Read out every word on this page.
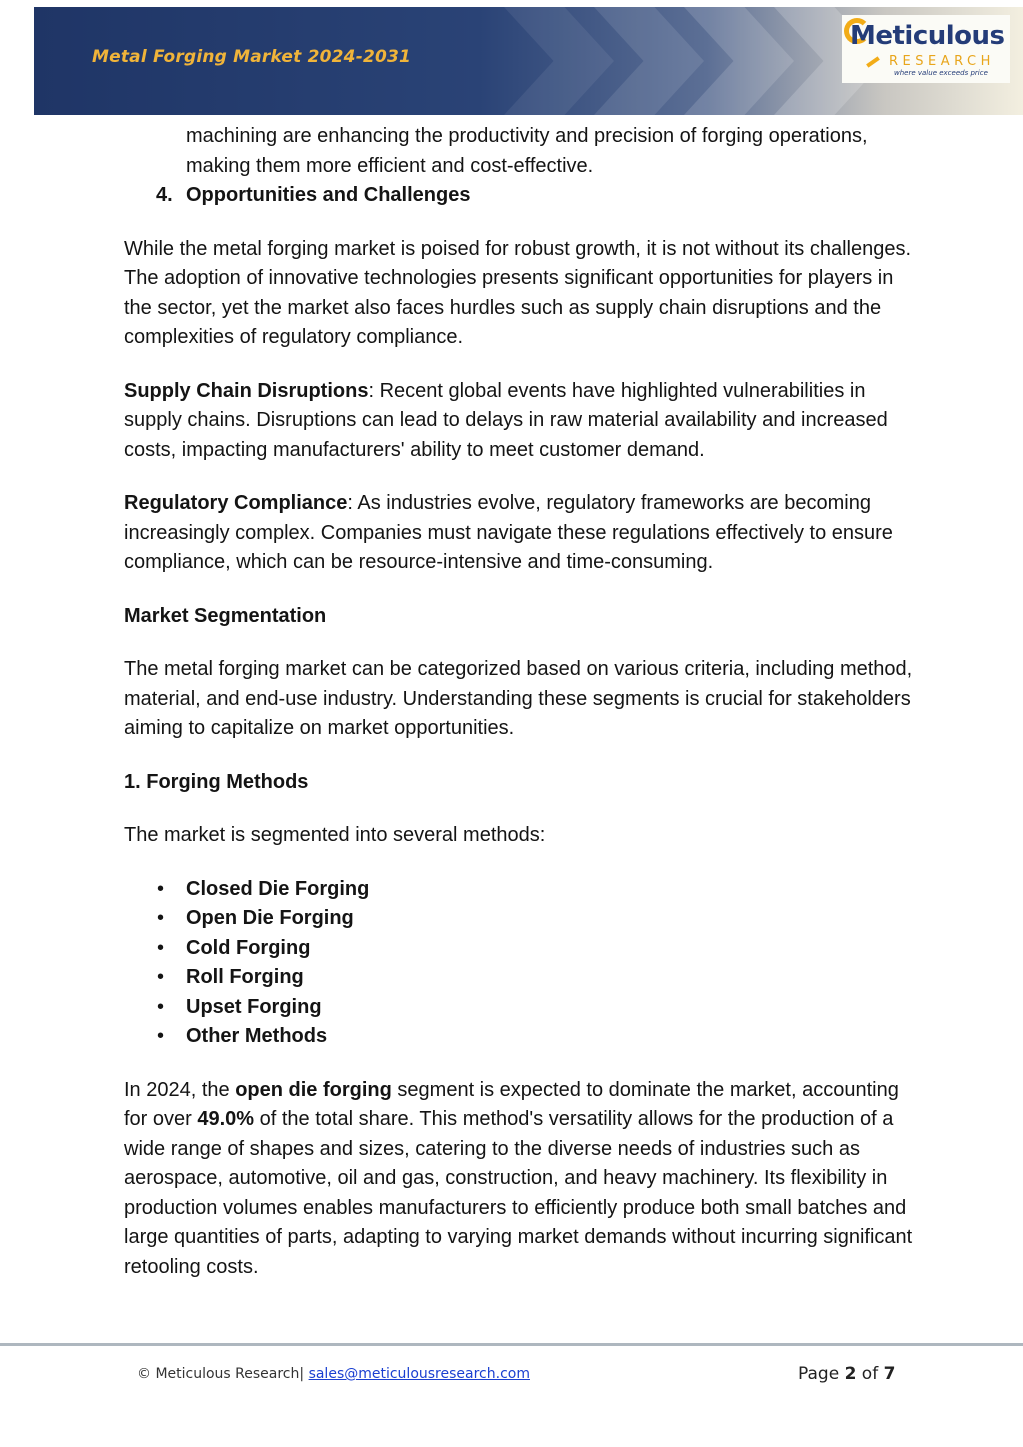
Metal Forging Market 2024-2031
Meticulous
RESEARCH
where value exceeds price

machining are enhancing the productivity and precision of forging operations, making them more efficient and cost-effective.

4. Opportunities and Challenges

While the metal forging market is poised for robust growth, it is not without its challenges. The adoption of innovative technologies presents significant opportunities for players in the sector, yet the market also faces hurdles such as supply chain disruptions and the complexities of regulatory compliance.

Supply Chain Disruptions: Recent global events have highlighted vulnerabilities in supply chains. Disruptions can lead to delays in raw material availability and increased costs, impacting manufacturers' ability to meet customer demand.

Regulatory Compliance: As industries evolve, regulatory frameworks are becoming increasingly complex. Companies must navigate these regulations effectively to ensure compliance, which can be resource-intensive and time-consuming.

Market Segmentation

The metal forging market can be categorized based on various criteria, including method, material, and end-use industry. Understanding these segments is crucial for stakeholders aiming to capitalize on market opportunities.

1. Forging Methods

The market is segmented into several methods:

• Closed Die Forging
• Open Die Forging
• Cold Forging
• Roll Forging
• Upset Forging
• Other Methods

In 2024, the open die forging segment is expected to dominate the market, accounting for over 49.0% of the total share. This method's versatility allows for the production of a wide range of shapes and sizes, catering to the diverse needs of industries such as aerospace, automotive, oil and gas, construction, and heavy machinery. Its flexibility in production volumes enables manufacturers to efficiently produce both small batches and large quantities of parts, adapting to varying market demands without incurring significant retooling costs.

© Meticulous Research| sales@meticulousresearch.com	Page 2 of 7
